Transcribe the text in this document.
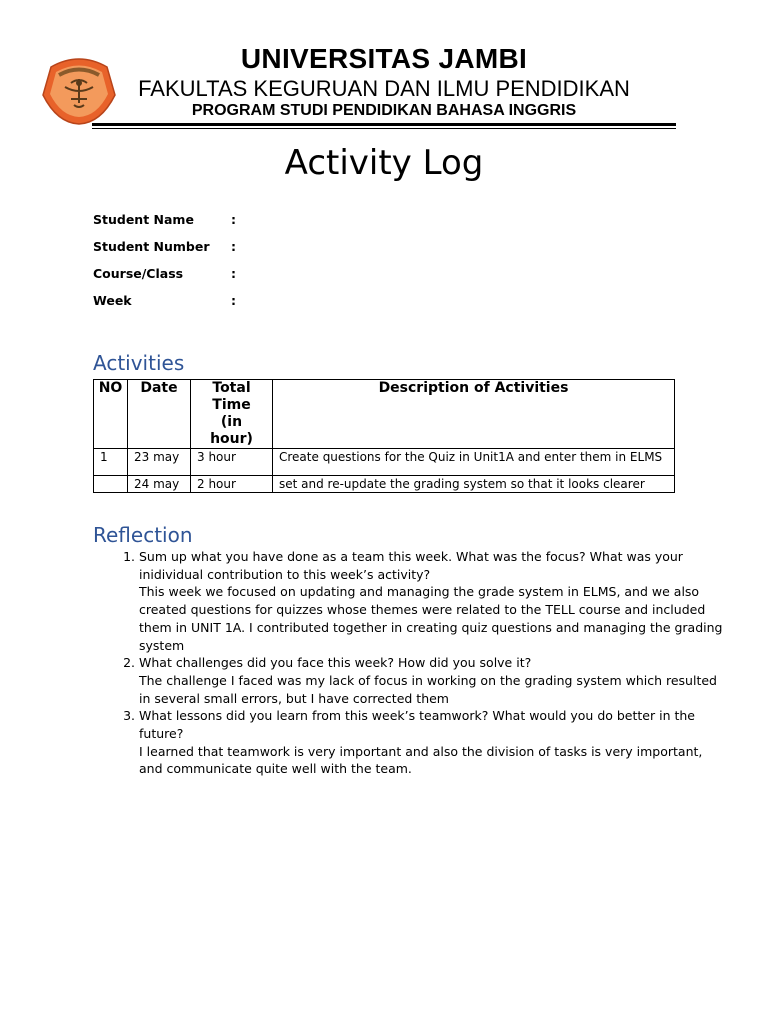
UNIVERSITAS JAMBI
FAKULTAS KEGURUAN DAN ILMU PENDIDIKAN
PROGRAM STUDI PENDIDIKAN BAHASA INGGRIS
Activity Log
Student Name	:
Student Number :
Course/Class	:
Week	:
Activities
NO	Date	Total Time (in hour)	Description of Activities
1	23 may	3 hour	Create questions for the Quiz in Unit1A and enter them in ELMS
	24 may	2 hour	set and re-update the grading system so that it looks clearer
Reflection

1. Sum up what you have done as a team this week. What was the focus? What was your inidividual contribution to this week’s activity?

This week we focused on updating and managing the grade system in ELMS, and we also created questions for quizzes whose themes were related to the TELL course and included them in UNIT 1A. I contributed together in creating quiz questions and managing the grading system

2. What challenges did you face this week? How did you solve it?

The challenge I faced was my lack of focus in working on the grading system which resulted in several small errors, but I have corrected them

3. What lessons did you learn from this week’s teamwork? What would you do better in the future?

I learned that teamwork is very important and also the division of tasks is very important, and communicate quite well with the team.
